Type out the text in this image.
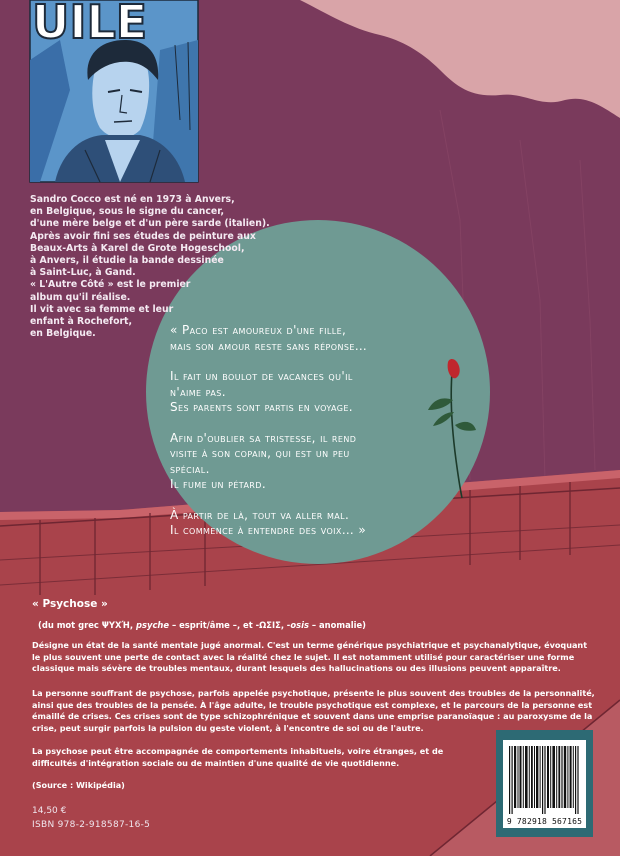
UILE

Sandro Cocco est né en 1973 à Anvers,
en Belgique, sous le signe du cancer,
d'une mère belge et d'un père sarde (italien).
Après avoir fini ses études de peinture aux
Beaux-Arts à Karel de Grote Hogeschool,
à Anvers, il étudie la bande dessinée
à Saint-Luc, à Gand.
« L'Autre Côté » est le premier
album qu'il réalise.
Il vit avec sa femme et leur
enfant à Rochefort,
en Belgique.	« Paco est amoureux d'une fille,
mais son amour reste sans réponse…

Il fait un boulot de vacances qu'il
n'aime pas.
Ses parents sont partis en voyage.

Afin d'oublier sa tristesse, il rend
visite à son copain, qui est un peu
spécial.
Il fume un pétard.

À partir de là, tout va aller mal.
Il commence à entendre des voix… »

« Psychose »
(du mot grec ΨΥΧΉ, psyche – esprit/âme –, et -ΩΣΙΣ, -osis – anomalie)

Désigne un état de la santé mentale jugé anormal. C'est un terme générique psychiatrique et psychanalytique, évoquant
le plus souvent une perte de contact avec la réalité chez le sujet. Il est notamment utilisé pour caractériser une forme
classique mais sévère de troubles mentaux, durant lesquels des hallucinations ou des illusions peuvent apparaître.

La personne souffrant de psychose, parfois appelée psychotique, présente le plus souvent des troubles de la personnalité,
ainsi que des troubles de la pensée. À l'âge adulte, le trouble psychotique est complexe, et le parcours de la personne est
émaillé de crises. Ces crises sont de type schizophrénique et souvent dans une emprise paranoïaque : au paroxysme de la
crise, peut surgir parfois la pulsion du geste violent, à l'encontre de soi ou de l'autre.

La psychose peut être accompagnée de comportements inhabituels, voire étranges, et de
difficultés d'intégration sociale ou de maintien d'une qualité de vie quotidienne.

(Source : Wikipédia)
14,50 €
ISBN 978-2-918587-16-5	9 782918 567165
